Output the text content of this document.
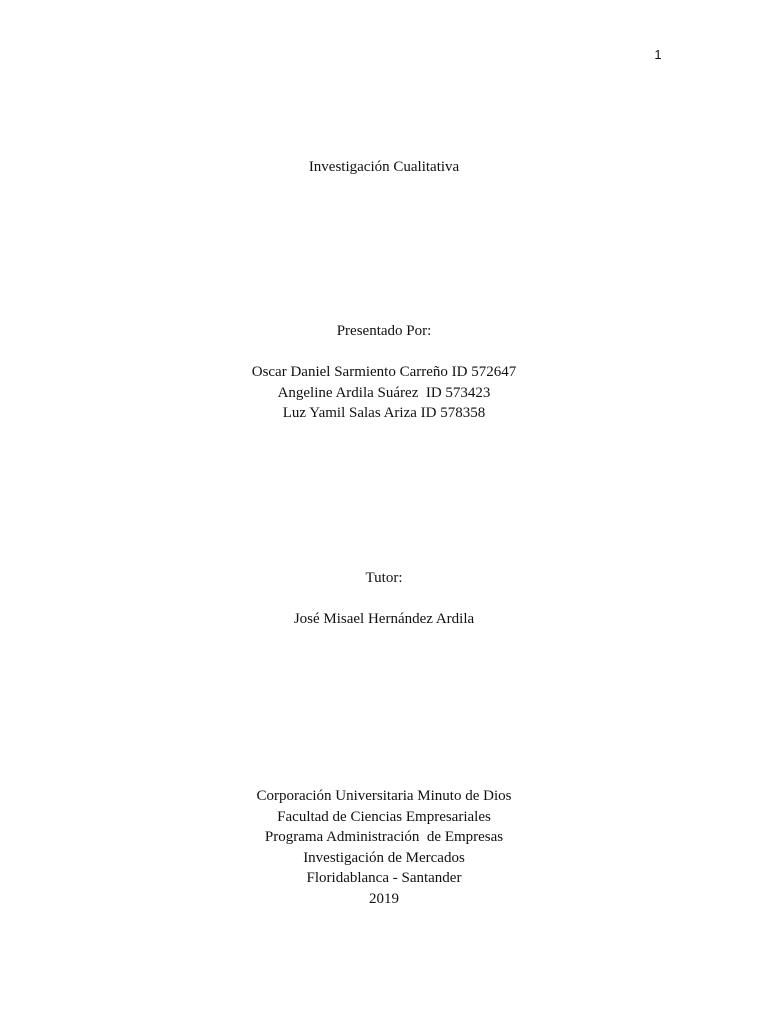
1
Investigación Cualitativa
Presentado Por:
Oscar Daniel Sarmiento Carreño ID 572647
Angeline Ardila Suárez  ID 573423
Luz Yamil Salas Ariza ID 578358
Tutor:
José Misael Hernández Ardila
Corporación Universitaria Minuto de Dios
Facultad de Ciencias Empresariales
Programa Administración  de Empresas
Investigación de Mercados
Floridablanca - Santander
2019
